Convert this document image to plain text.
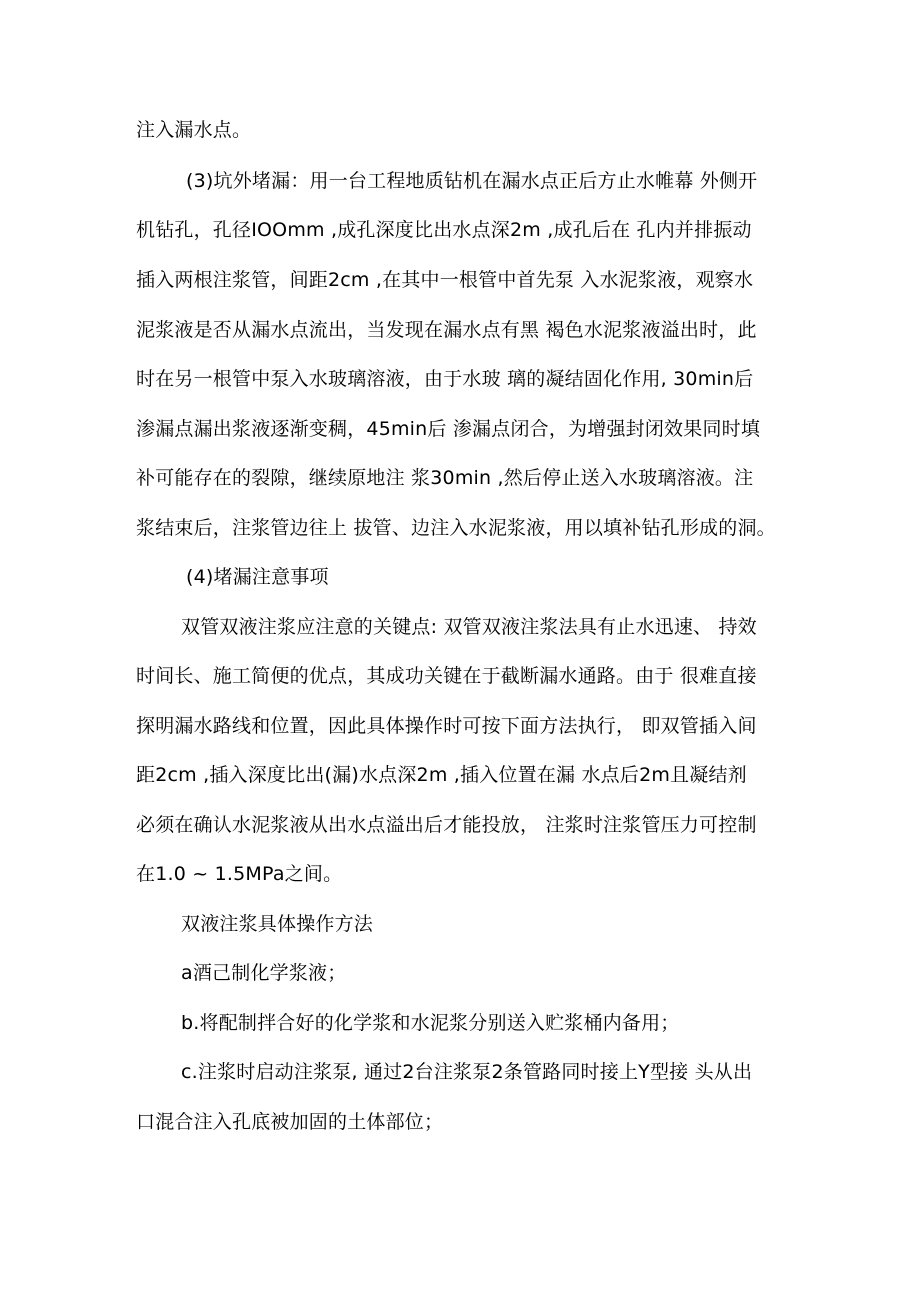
注入漏水点。
(3)坑外堵漏：用一台工程地质钻机在漏水点正后方止水帷幕 外侧开
机钻孔，孔径IOOmm ,成孔深度比出水点深2m ,成孔后在 孔内并排振动
插入两根注浆管，间距2cm ,在其中一根管中首先泵 入水泥浆液，观察水
泥浆液是否从漏水点流出，当发现在漏水点有黑 褐色水泥浆液溢出时，此
时在另一根管中泵入水玻璃溶液，由于水玻 璃的凝结固化作用, 30min后
渗漏点漏出浆液逐渐变稠，45min后 渗漏点闭合，为增强封闭效果同时填
补可能存在的裂隙，继续原地注 浆30min ,然后停止送入水玻璃溶液。注
浆结束后，注浆管边往上 拔管、边注入水泥浆液，用以填补钻孔形成的洞。
(4)堵漏注意事项
双管双液注浆应注意的关键点: 双管双液注浆法具有止水迅速、 持效
时间长、施工简便的优点，其成功关键在于截断漏水通路。由于 很难直接
探明漏水路线和位置，因此具体操作时可按下面方法执行， 即双管插入间
距2cm ,插入深度比出(漏)水点深2m ,插入位置在漏 水点后2m且凝结剂
必须在确认水泥浆液从出水点溢出后才能投放， 注浆时注浆管压力可控制
在1.0 ~ 1.5MPa之间。
双液注浆具体操作方法
a酒己制化学浆液；
b.将配制拌合好的化学浆和水泥浆分别送入贮浆桶内备用；
c.注浆时启动注浆泵, 通过2台注浆泵2条管路同时接上Y型接 头从出
口混合注入孔底被加固的土体部位；
